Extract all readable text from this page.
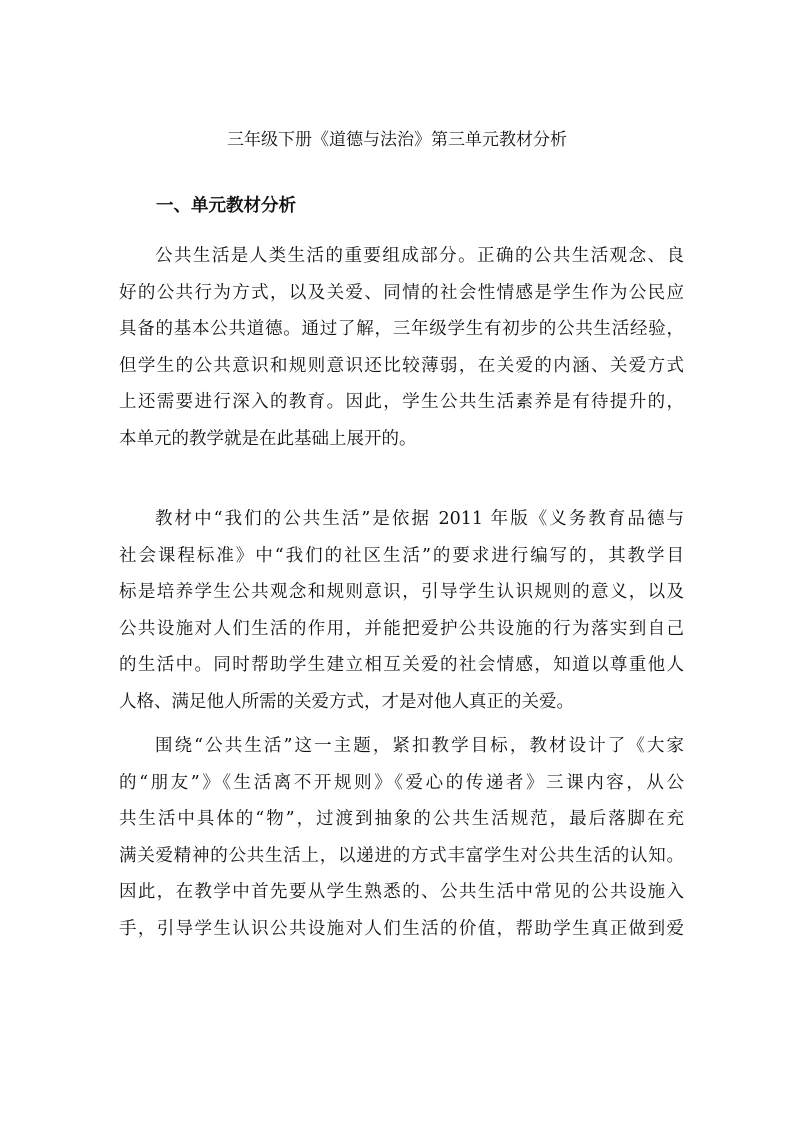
三年级下册《道德与法治》第三单元教材分析
一、单元教材分析
公共生活是人类生活的重要组成部分。正确的公共生活观念、良
好的公共行为方式，以及关爱、同情的社会性情感是学生作为公民应
具备的基本公共道德。通过了解，三年级学生有初步的公共生活经验，
但学生的公共意识和规则意识还比较薄弱，在关爱的内涵、关爱方式
上还需要进行深入的教育。因此，学生公共生活素养是有待提升的，
本单元的教学就是在此基础上展开的。
教材中“我们的公共生活”是依据 2011 年版《义务教育品德与
社会课程标准》中“我们的社区生活”的要求进行编写的，其教学目
标是培养学生公共观念和规则意识，引导学生认识规则的意义，以及
公共设施对人们生活的作用，并能把爱护公共设施的行为落实到自己
的生活中。同时帮助学生建立相互关爱的社会情感，知道以尊重他人
人格、满足他人所需的关爱方式，才是对他人真正的关爱。
围绕“公共生活”这一主题，紧扣教学目标，教材设计了《大家
的“朋友”》《生活离不开规则》《爱心的传递者》三课内容，从公
共生活中具体的“物”，过渡到抽象的公共生活规范，最后落脚在充
满关爱精神的公共生活上，以递进的方式丰富学生对公共生活的认知。
因此，在教学中首先要从学生熟悉的、公共生活中常见的公共设施入
手，引导学生认识公共设施对人们生活的价值，帮助学生真正做到爱
